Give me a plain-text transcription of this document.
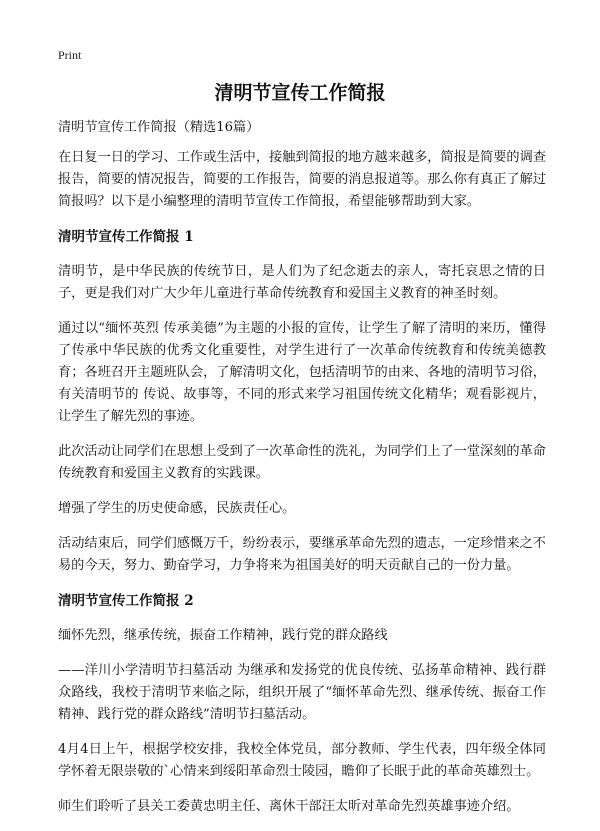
Print
清明节宣传工作简报

清明节宣传工作简报（精选16篇）

在日复一日的学习、工作或生活中，接触到简报的地方越来越多，简报是简要的调查报告，简要的情况报告，简要的工作报告，简要的消息报道等。那么你有真正了解过简报吗？以下是小编整理的清明节宣传工作简报，希望能够帮助到大家。

清明节宣传工作简报 1

清明节，是中华民族的传统节日，是人们为了纪念逝去的亲人，寄托哀思之情的日子，更是我们对广大少年儿童进行革命传统教育和爱国主义教育的神圣时刻。

通过以“缅怀英烈 传承美德”为主题的小报的宣传，让学生了解了清明的来历，懂得了传承中华民族的优秀文化重要性，对学生进行了一次革命传统教育和传统美德教育；各班召开主题班队会，了解清明文化，包括清明节的由来、各地的清明节习俗，有关清明节的 传说、故事等，不同的形式来学习祖国传统文化精华；观看影视片，让学生了解先烈的事迹。

此次活动让同学们在思想上受到了一次革命性的洗礼，为同学们上了一堂深刻的革命传统教育和爱国主义教育的实践课。

增强了学生的历史使命感，民族责任心。

活动结束后，同学们感慨万千，纷纷表示，要继承革命先烈的遗志，一定珍惜来之不易的今天，努力、勤奋学习，力争将来为祖国美好的明天贡献自己的一份力量。

清明节宣传工作简报 2

缅怀先烈，继承传统，振奋工作精神，践行党的群众路线

——洋川小学清明节扫墓活动 为继承和发扬党的优良传统、弘扬革命精神、践行群众路线，我校于清明节来临之际，组织开展了“缅怀革命先烈、继承传统、振奋工作精神、践行党的群众路线”清明节扫墓活动。

4月4日上午，根据学校安排，我校全体党员，部分教师、学生代表，四年级全体同学怀着无限崇敬的`心情来到绥阳革命烈士陵园，瞻仰了长眠于此的革命英雄烈士。

师生们聆听了县关工委黄忠明主任、离休干部汪太昕对革命先烈英雄事迹介绍。
